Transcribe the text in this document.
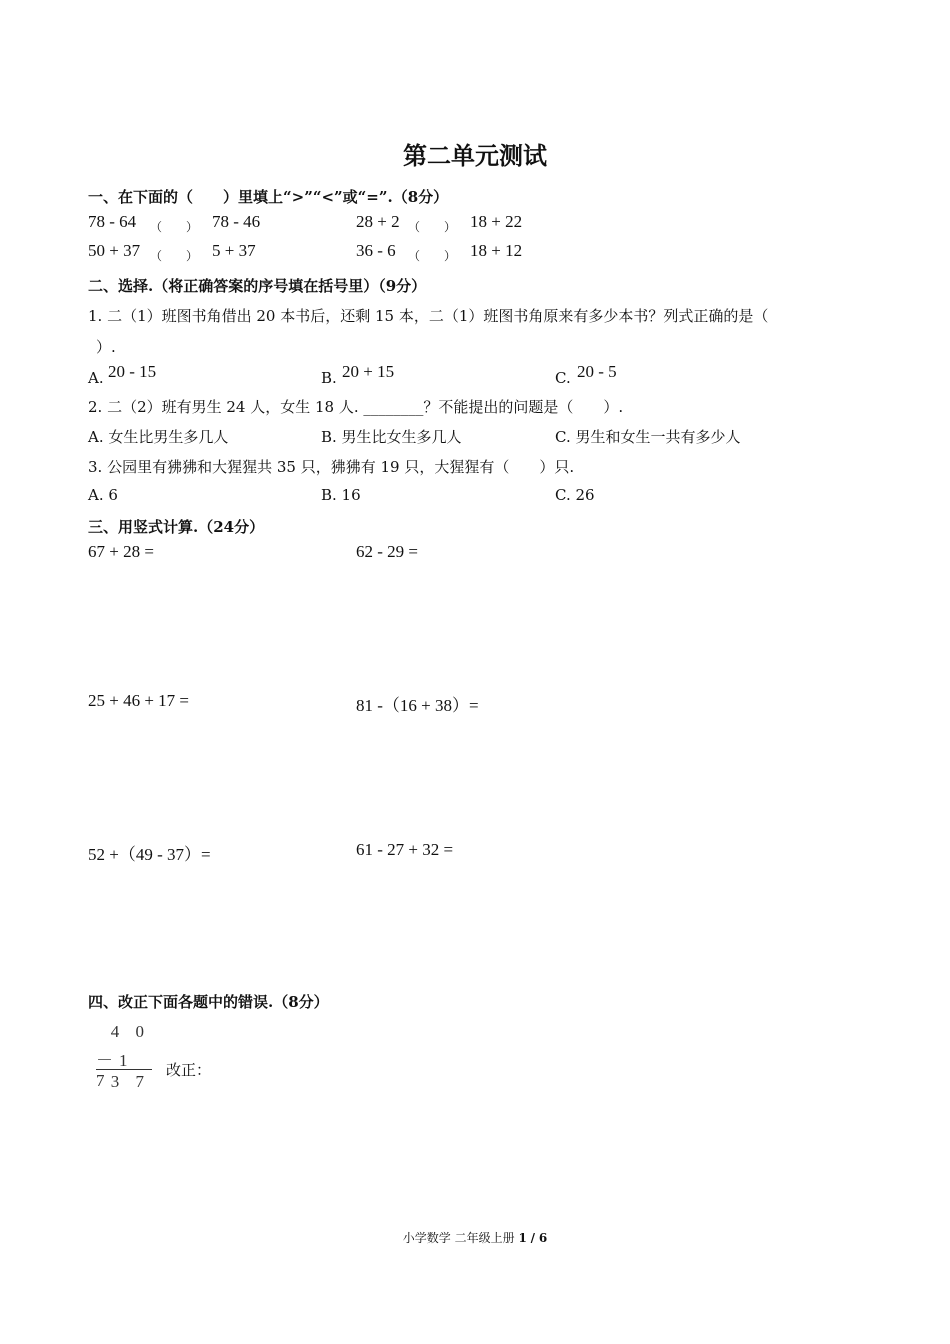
第二单元测试
一、在下面的（　　）里填上“>”“<”或“=”.（8分）
78 - 64 （　　） 78 - 46	28 + 2 （　　） 18 + 22
50 + 37 （　　） 5 + 37	36 - 6 （　　） 18 + 12
二、选择.（将正确答案的序号填在括号里）（9分）
1. 二（1）班图书角借出 20 本书后，还剩 15 本，二（1）班图书角原来有多少本书？列式正确的是（
）.
A. 20 - 15	B. 20 + 15	C. 20 - 5
2. 二（2）班有男生 24 人，女生 18 人. ________？不能提出的问题是（　　）.
A. 女生比男生多几人	B. 男生比女生多几人	C. 男生和女生一共有多少人
3. 公园里有狒狒和大猩猩共 35 只，狒狒有 19 只，大猩猩有（　　）只.
A. 6	B. 16	C. 26
三、用竖式计算.（24分）
67 + 28 =	62 - 29 =
25 + 46 + 17 =	81 -（16 + 38）=
52 +（49 - 37）=	61 - 27 + 32 =
四、改正下面各题中的错误.（8分）
4 0
－1 7 3 7
改正：
小学数学 二年级上册 1 / 6
